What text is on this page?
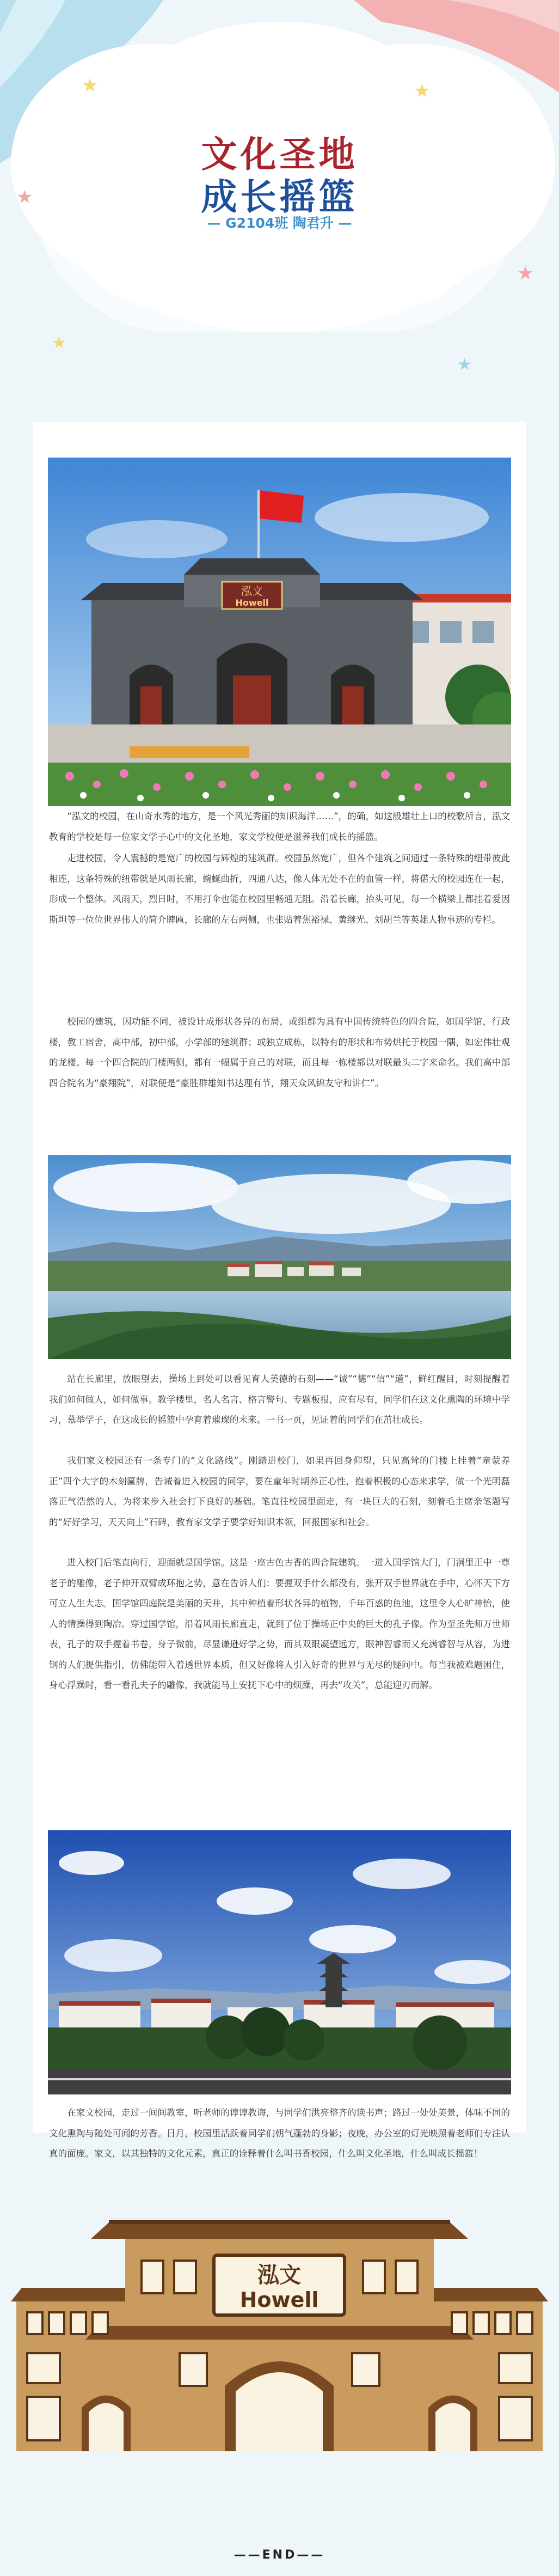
★	★
★
★
★
★
文化圣地
成长摇篮
— G2104班 陶君升 —
泓文
Howell

“泓文的校园，在山奇水秀的地方，是一个风光秀丽的知识海洋……”，的确，如这般雄壮上口的校歌所言，泓文教育的学校是每一位家文学子心中的文化圣地，家文学校便是滋养我们成长的摇篮。

走进校园，令人震撼的是宽广的校园与辉煌的建筑群。校园虽然宽广，但各个建筑之间通过一条特殊的纽带彼此相连，这条特殊的纽带就是风雨长廊，蜿蜒曲折，四通八达，像人体无处不在的血管一样，将偌大的校园连在一起，形成一个整体。风雨天，烈日时，不用打伞也能在校园里畅通无阻。沿着长廊，抬头可见，每一个横梁上都挂着爱因斯坦等一位位世界伟人的简介牌匾，长廊的左右两侧，也张贴着焦裕禄、黄继光、刘胡兰等英雄人物事迹的专栏。

校园的建筑，因功能不同，被设计成形状各异的布局，或组群为具有中国传统特色的四合院，如国学馆，行政楼，教工宿舍，高中部，初中部，小学部的建筑群；或独立成栋，以特有的形状和布势烘托于校园一隅，如宏伟壮观的龙楼。每一个四合院的门楼两侧，都有一幅属于自己的对联，而且每一栋楼都以对联最头二字来命名。我们高中部四合院名为“豪翔院”，对联便是“豪胜群雄知书达理有节，翔天众风锦友守和讲仁”。

站在长廊里，放眼望去，操场上到处可以看见育人美德的石刻——“诚”“德”“信”“道”，鲜红醒目，时刻提醒着我们如何做人，如何做事。教学楼里，名人名言、格言警句、专题板报，应有尽有，同学们在这文化熏陶的环境中学习，慕举学子，在这成长的摇篮中孕育着璀璨的未来。一书一页，见证着的同学们在茁壮成长。

我们家文校园还有一条专门的“文化路线”。刚踏进校门，如果再回身仰望，只见高耸的门楼上挂着“童蒙养正”四个大字的木刻匾牌，告诫着进入校园的同学，要在童年时期养正心性，抱着积极的心态来求学，做一个光明磊落正气浩然的人，为将来步入社会打下良好的基础。笔直往校园里面走，有一块巨大的石刻，刻着毛主席亲笔题写的“好好学习，天天向上”石碑，教育家文学子要学好知识本领，回报国家和社会。

进入校门后笔直向行，迎面就是国学馆。这是一座古色古香的四合院建筑。一进入国学馆大门，门洞里正中一尊老子的雕像，老子伸开双臂成环抱之势，意在告诉人们：要握双手什么都没有，张开双手世界就在手中，心怀天下方可立人生大志。国学馆四庭院是美丽的天井，其中种植着形状各异的植物，千年百惑的鱼池，这里令人心旷神怡，使人的情操得到陶冶。穿过国学馆，沿着风雨长廊直走，就到了位于操场正中央的巨大的孔子像。作为至圣先师万世师表，孔子的双手握着书卷，身子微前，尽显谦逊好学之势，而其双眼凝望远方，眼神智睿而又充满睿智与从容，为进钢的人们提供指引，仿佛能带入着透世界本质，但又好像将人引入好奇的世界与无尽的疑问中。每当我被难题困住，身心浮躁时，看一看孔夫子的雕像，我就能马上安抚下心中的烦躁，再去“攻关”，总能迎刃而解。

在家文校园，走过一间间教室，听老师的谆谆教诲，与同学们洪亮整齐的读书声；路过一处处美景，体味不同的文化熏陶与随处可闻的芳香。日月，校园里活跃着同学们朝气蓬勃的身影；夜晚，办公室的灯光映照着老师们专注认真的面庞。家文，以其独特的文化元素，真正的诠释着什么叫书香校园，什么叫文化圣地，什么叫成长摇篮！

泓文
Howell
——END——
